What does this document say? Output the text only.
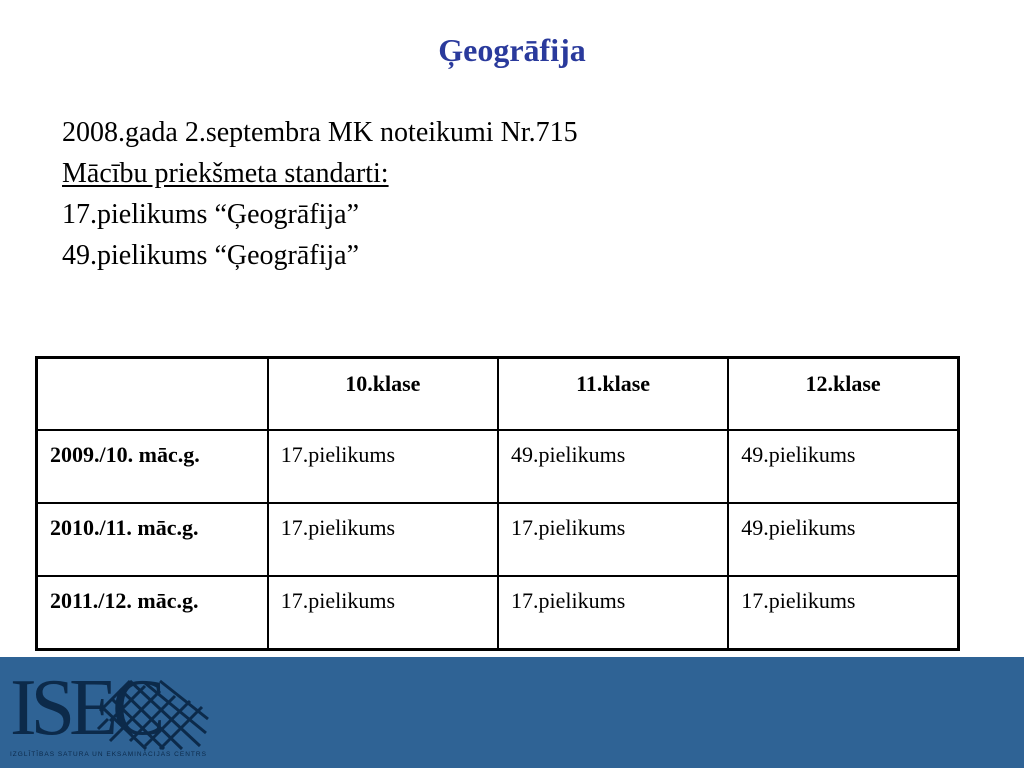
Ģeogrāfija
2008.gada 2.septembra MK noteikumi Nr.715
Mācību priekšmeta standarti:
17.pielikums “Ģeogrāfija”
49.pielikums “Ģeogrāfija”
	10.klase	11.klase	12.klase
2009./10. māc.g.	17.pielikums	49.pielikums	49.pielikums
2010./11. māc.g.	17.pielikums	17.pielikums	49.pielikums
2011./12. māc.g.	17.pielikums	17.pielikums	17.pielikums
ISEC
IZGLĪTĪBAS SATURA UN EKSAMINĀCIJAS CENTRS
